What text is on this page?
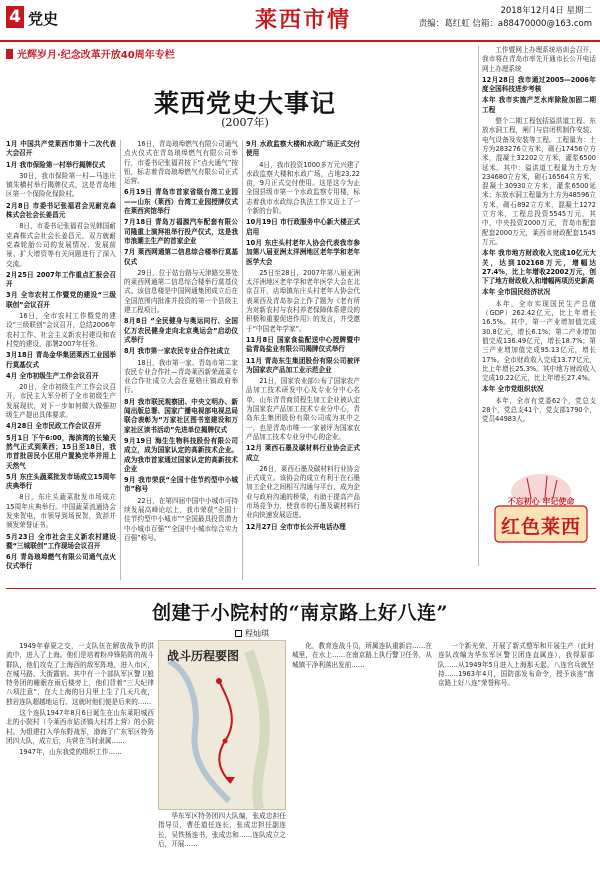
4 党史	莱西市情	2018年12月4日 星期二
责编：葛红虹 信箱：a88470000@163.com
光辉岁月·纪念改革开放40周年专栏
莱西党史大事记
(2007年)

1月 中国共产党莱西市第十二次代表大会召开

1月 我市保险第一村举行揭牌仪式

30日，我市保险第一村—马连庄镇朱横村举行揭牌仪式，这是青岛地区第一个保险化保险村。

2月8日 市委书记张福君会见耐克森株式会社会长姜昌元

8日，市委书记张福君会见韩国耐克森株式会社会长姜昌元，双方就耐克森轮胎公司的发展情况、发展前景、扩大增资等有关问题进行了深入交流。

2月25日 2007年工作重点汇报会召开

3月 全市农村工作暨党的建设“三级联创”会议召开

16日，全市农村工作暨党的建设“三级联创”会议召开，总结2006年农村工作、社会主义新农村建设和农村党的建设，部署2007年任务。

3月18日 青岛金华集团莱西工业园举行莫基仪式

4月 全市初级生产工作会议召开

20日，全市初级生产工作会议召开，市民主人军分析了全市初级生产发展现状，对下一步如何做大做强初级生产提出具体要求。

4月28日 全市民政工作会议召开

5月1日 下午6:00，海滨湾的长输天然气正式到莱西；15日至18日，我市首批居民小区用户置换完毕并用上天然气

5月 东庄头蔬菜批发市场成立15周年庆典举行

8日，东庄头蔬菜批发市场成立15周年庆典举行。中国蔬菜流通协会发来贺电，市领导到场祝贺，致辞并颁发荣誉证书。

5月23日 全市社会主义新农村建设暨“三城联创”工作现场会议召开

6月 青岛琅埠燃气有限公司通气点火仪式举行

16日，青岛琅埠燃气有限公司通气点火仪式在青岛琅埠燃气有限公司举行，市委书记张福君按下“点火通气”按钮，标志着青岛琅埠燃气有限公司正式运营。

6月19日 青岛市首家省级台湾工业园——山东（莱西）台湾工业园授牌仪式在莱西宾馆举行

7月18日 青岛万福源汽车配套有限公司隆重上演拜祖举行投产仪式，这是我市浪潮主生产的首家企业

7月 莱西网通第二信息综合楼举行莫基仪式

29日，位于姑台路与天津路交界处的莱西网通第二信息综合楼举行莫基仪式。该信息楼是中国网通集团成立后在全国范围内批准并投资的第一个县级主建工程项目。

8月8日 “全民健身与奥运同行、全国亿万农民健身走向北京奥运会”启动仪式举行

8月 我市第一家农民专业合作社成立

18日，我市第一家、青岛市第二家农民专业合作社—青岛莱西新荣蔬菜专业合作社成立大会在夏格庄镇政府举行。

8月 我市联民观察团、中央文明办、新闻出版总署、国家广播电视部电视总局联合表彰为“万家社区图书室建设和万家社区读书活动”先进单位揭牌仪式

9月19日 海生生物科技股份有限公司成立，成为国家认定的高新技术企业。成为我市首家通过国家认定的高新技术企业

9月 我市荣获“全国十佳节约型中小城市”称号

22日，在第四届中国中小城市可持续发展高峰论坛上，我市荣获“全国十佳节约型中小城市”“全国最具投资潜力中小城市百强”“全国中小城市综合实力百强”称号。

9月 水政监察大楼和水政广场正式交付使用

4日，我市投资1000多万元兴建了水政监察大楼和水政广场，占地23.22亩，9月正式交付使用。这是这今为止全国县级市第一个水政监察专用楼，标志着我市水政综合执法工作又迈上了一个新的台阶。

10月19日 市行政服务中心新大楼正式启用

10月 东庄头村老年人协会代表我市参加第八届亚洲太洋洲地区老年学和老年医学大会

25日至28日，2007年第八届亚洲太洋洲地区老年学和老年医学大会在北京召开，店埠镇东庄头村老年人协会代表莱西及青岛参会上作了题为《老有所为对新农村与农村养老保障体系建设的积极和重要促进作用》的发言，并受邀于“中国老年学家”。

11月8日 国家食盐配送中心授牌暨中盐青岛盐业有限公司揭牌仪式举行

11月 青岛东生集团股份有限公司被评为国家农产品加工业示范企业

21日，国家农业部公布了国家农产品加工技术研发中心及专业分中心名单，山东青青商贸程生加工企业被认定为国家农产品加工技术专业分中心，青岛东生集团股份有限公司成为其中之一，也是青岛市唯一一家被评为国家农产品加工技术专业分中心的企业。

12月 莱西石墨及碳材料行业协会正式成立

26日，莱西石墨及碳材料行业协会正式成立。该协会的成立有利于在石墨加工企业之间相互沟通与平台，成为企业与政府沟通的桥梁，有助于提高产品市场竞争力，使我市的石墨及碳材料行业向快速发展迈进。

12月27日 全市市长公开电话办理

工作暨网上办理系统培训会召开，我市将在青岛市率先开通市长公开电话网上办理系统

12月28日 我市通过2005—2006年度全国科技进步考核

本年 我市实施产芝水库除险加固二期工程

整个二期工程包括溢洪道工程、东放水洞工程，闸门与启闭机制作安装、电气设备及安装等工程。工程量为：土方为283276立方米，砌石17456立方米，混凝土32202立方米，灌浆6500延米。其中：溢洪道工程量为土方为234680立方米，砌石16564立方米，混凝土30930立方米，灌浆6500延米；东放水洞工程量为土方为48596立方米，砌石892立方米，混凝土1272立方米，工程总投资5545万元，其中，中央投资2000万元，青岛市配套配套2000万元，莱西市财政配套1545万元。

本年 我市地方财政收入完成10亿元大关，达到102168万元，增幅达27.4%，比上年增收22002万元，创下了地方财政收入和增幅两项历史新高

本年 全市国民经济状况

本年，全市实现国民生产总值（GDP）262.42亿元，比上年增长16.5%。其中，第一产业增加值完成30.8亿元，增长6.1%；第二产业增加值完成136.49亿元，增长18.7%；第三产业增加值完成95.13亿元，增长17%。全市财政收入完成13.77亿元，比上年增长25.3%。其中地方财政收入完成10.22亿元，比上年增长27.4%。

本年 全市党组织状况

本年，全市有党委62个，党总支28个，党总支41个，党支部1790个，党员44983人。

不忘初心 牢记使命
红色莱西
创建于小院村的“南京路上好八连”
程灿琪

1949年春夏之交，一支队伍在解放战争的洪流中，进入了上海。他们是培着粉冲锋陷阵的战斗群队，他们攻克了上海西的敌军阵地，进入市区，在城马路、大街露宿。其中有一个部队军区警卫般特务团的睡眠在雨后楼旁上，他们背着“三大纪律八项注意”，在大上海的日月里上生了几天几夜，独岩连队超越地运行。这就时他们便是后来的……

这个连队1947年8月6日诞生在山东莱阳城西北的小院村（今莱西市姑济镇大村苏上营）的小院村。为组建打入华东野战军，渤海了广东军区特务团四大队，成立后，兵营在当时隶属……

1947年，山东我党的组织工作……

战斗历程要图

华东军区特务团四大队编，张成忠担任指导员，曹任道任连长，张成忠担任副连长，吴铁杨连书，张成忠和……连队成立之后，开展……

化，教育连战斗员，所属连队重新启……在城里，在水上……在南京路上执行警卫任务，从城镇干净利落出发前……

一个新光荣，开展了新式整军和开展生产（此时连队改编为华东军区警卫团连直属连），我得原部队……从1949年5月进入上海那天起，八连官兵就坚持……1963年4月，国防部发布命令，授予该连“南京路上好八连”荣誉称号。
